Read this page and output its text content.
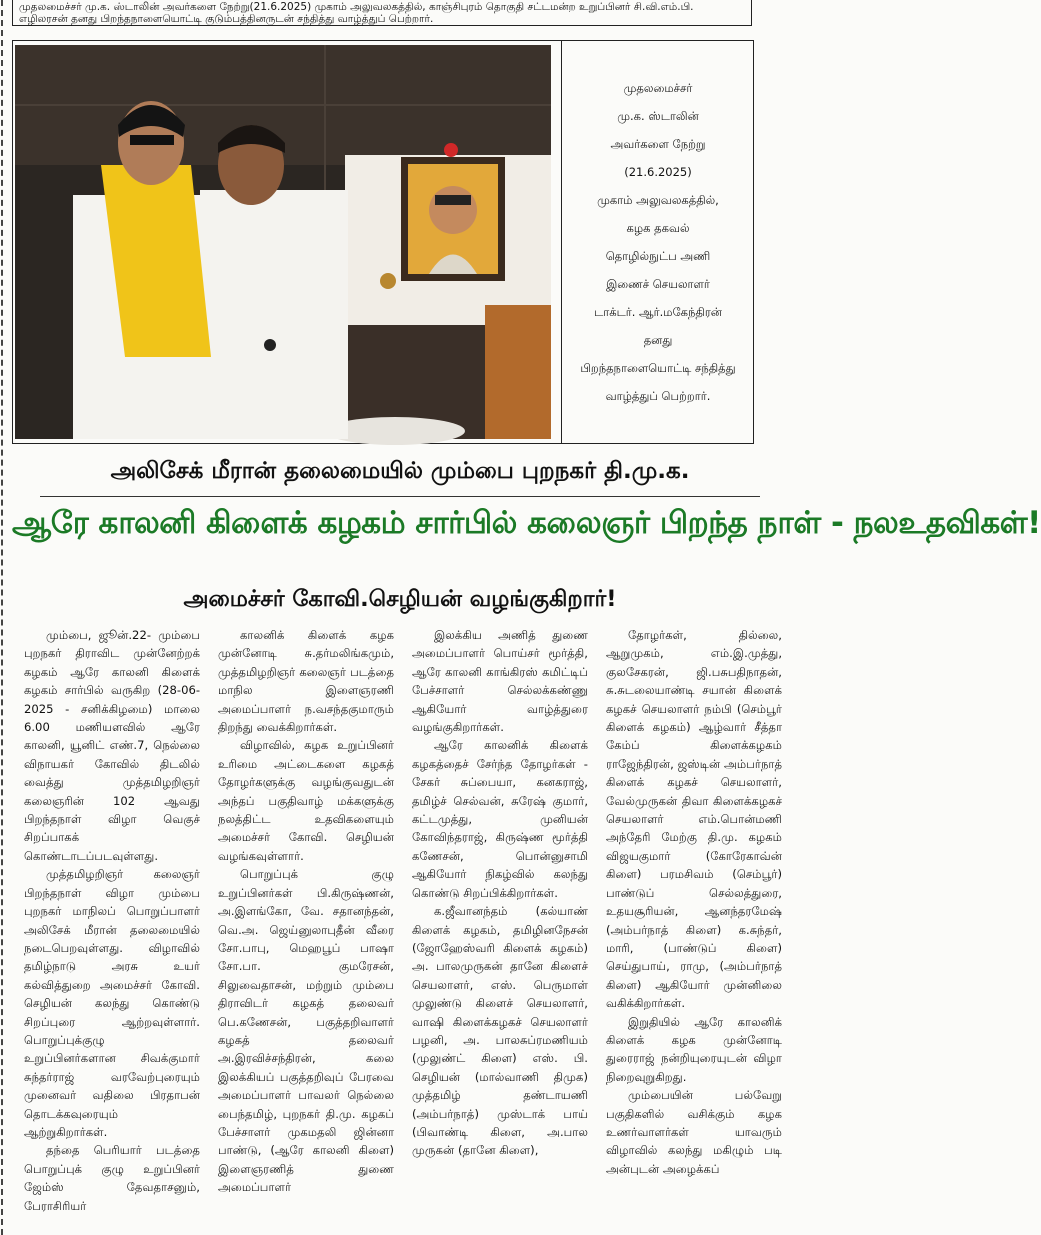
முதலமைச்சர் மு.க. ஸ்டாலின் அவர்களை நேற்று(21.6.2025) முகாம் அலுவலகத்தில், காஞ்சிபுரம் தொகுதி சட்டமன்ற உறுப்பினர் சி.வி.எம்.பி.
எழிலரசன் தனது பிறந்தநாளையொட்டி குடும்பத்தினருடன் சந்தித்து வாழ்த்துப் பெற்றார்.
முதலமைச்சர்
மு.க. ஸ்டாலின்
அவர்களை நேற்று
(21.6.2025)
முகாம் அலுவலகத்தில்,
கழக தகவல்
தொழில்நுட்ப அணி
இணைச் செயலாளர்
டாக்டர். ஆர்.மகேந்திரன்
தனது
பிறந்தநாளையொட்டி சந்தித்து
வாழ்த்துப் பெற்றார்.
அலிசேக் மீரான் தலைமையில் மும்பை புறநகர் தி.மு.க.
ஆரே காலனி கிளைக் கழகம் சார்பில் கலைஞர் பிறந்த நாள் - நலஉதவிகள்!
அமைச்சர் கோவி.செழியன் வழங்குகிறார்!

மும்பை, ஜூன்.22- மும்பை புறநகர் திராவிட முன்னேற்றக் கழகம் ஆரே காலனி கிளைக் கழகம் சார்பில் வருகிற (28-06-2025 - சனிக்கிழமை) மாலை 6.00 மணியளவில் ஆரே காலனி, யூனிட் எண்.7, நெல்லை விநாயகர் கோவில் திடலில் வைத்து முத்தமிழறிஞர் கலைஞரின் 102 ஆவது பிறந்தநாள் விழா வெகுச் சிறப்பாகக் கொண்டாடப்படவுள்ளது.

முத்தமிழறிஞர் கலைஞர் பிறந்தநாள் விழா மும்பை புறநகர் மாநிலப் பொறுப்பாளர் அலிசேக் மீரான் தலைமையில் நடைபெறவுள்ளது. விழாவில் தமிழ்நாடு அரசு உயர் கல்வித்துறை அமைச்சர் கோவி. செழியன் கலந்து கொண்டு சிறப்புரை ஆற்றவுள்ளார். பொறுப்புக்குழு உறுப்பினர்களான சிவக்குமார் சுந்தர்ராஜ் வரவேற்புரையும் முனைவர் வதிலை பிரதாபன் தொடக்கவுரையும் ஆற்றுகிறார்கள்.

தந்தை பெரியார் படத்தை பொறுப்புக் குழு உறுப்பினர் ஜேம்ஸ் தேவதாசனும், பேராசிரியர்

காலனிக் கிளைக் கழக முன்னோடி சு.தர்மலிங்கமும், முத்தமிழறிஞர் கலைஞர் படத்தை மாநில இளைஞரணி அமைப்பாளர் ந.வசந்தகுமாரும் திறந்து வைக்கிறார்கள்.

விழாவில், கழக உறுப்பினர் உரிமை அட்டைகளை கழகத் தோழர்களுக்கு வழங்குவதுடன் அந்தப் பகுதிவாழ் மக்களுக்கு நலத்திட்ட உதவிகளையும் அமைச்சர் கோவி. செழியன் வழங்கவுள்ளார்.

பொறுப்புக் குழு உறுப்பினர்கள் பி.கிருஷ்ணன், அ.இளங்கோ, வே. சதானந்தன், வெ.அ. ஜெய்னுலாபுதீன் வீரை சோ.பாபு, மெஹபூப் பாஷா சோ.பா. குமரேசன், சிலுவைதாசன், மற்றும் மும்பை திராவிடர் கழகத் தலைவர் பெ.கணேசன், பகுத்தறிவாளர் கழகத் தலைவர் அ.இரவிச்சந்திரன், கலை இலக்கியப் பகுத்தறிவுப் பேரவை அமைப்பாளர் பாவலர் நெல்லை பைந்தமிழ், புறநகர் தி.மு. கழகப் பேச்சாளர் முகமதலி ஜின்னா பாண்டு, (ஆரே காலனி கிளை) இளைஞரணித் துணை அமைப்பாளர்

இலக்கிய அணித் துணை அமைப்பாளர் பொய்சர் மூர்த்தி, ஆரே காலனி காங்கிரஸ் கமிட்டிப் பேச்சாளர் செல்லக்கண்ணு ஆகியோர் வாழ்த்துரை வழங்குகிறார்கள்.

ஆரே காலனிக் கிளைக் கழகத்தைச் சேர்ந்த தோழர்கள் - சேகர் சுப்பையா, கனகராஜ், தமிழ்ச் செல்வன், சுரேஷ் குமார், கட்டமுத்து, முனியன் கோவிந்தராஜ், கிருஷ்ண மூர்த்தி கணேசன், பொன்னுசாமி ஆகியோர் நிகழ்வில் கலந்து கொண்டு சிறப்பிக்கிறார்கள்.

க.ஜீவானந்தம் (கல்யாண் கிளைக் கழகம், தமிழினநேசன் (ஜோஹேஸ்வரி கிளைக் கழகம்) அ. பாலமுருகன் தானே கிளைச் செயலாளர், எஸ். பெருமாள் முலுண்டு கிளைச் செயலாளர், வாஷி கிளைக்கழகச் செயலாளர் பழனி, அ. பாலசுப்ரமணியம் (முலுண்ட் கிளை) எஸ். பி. செழியன் (மால்வாணி திமுக) முத்தமிழ் தண்டாயணி (அம்பர்நாத்) முஸ்டாக் பாய் (பிவாண்டி கிளை, அ.பால முருகன் (தானே கிளை),

தோழர்கள், தில்லை, ஆறுமுகம், எம்.இ.முத்து, குலசேகரன், ஜி.பசுபதிநாதன், சு.சுடலையாண்டி சயான் கிளைக் கழகச் செயலாளர் நம்பி (செம்பூர் கிளைக் கழகம்) ஆழ்வார் சீத்தா கேம்ப் கிளைக்கழகம் ராஜேந்திரன், ஜஸ்டின் அம்பர்நாத் கிளைக் கழகச் செயலாளர், வேல்முருகன் திவா கிளைக்கழகச் செயலாளர் எம்.பொன்மணி அந்தேரி மேற்கு தி.மு. கழகம் விஜயகுமார் (கோரேகாவ்ன் கிளை) பரமசிவம் (செம்பூர்) பாண்டுப் செல்லத்துரை, உதயசூரியன், ஆனந்தரமேஷ் (அம்பர்நாத் கிளை) க.சுந்தர், மாரி, (பாண்டுப் கிளை) செய்துபாய், ராமு, (அம்பர்நாத் கிளை) ஆகியோர் முன்னிலை வகிக்கிறார்கள்.

இறுதியில் ஆரே காலனிக் கிளைக் கழக முன்னோடி துரைராஜ் நன்றியுரையுடன் விழா நிறைவுறுகிறது.

மும்பையின் பல்வேறு பகுதிகளில் வசிக்கும் கழக உணர்வாளர்கள் யாவரும் விழாவில் கலந்து மகிழும் படி அன்புடன் அழைக்கப்
